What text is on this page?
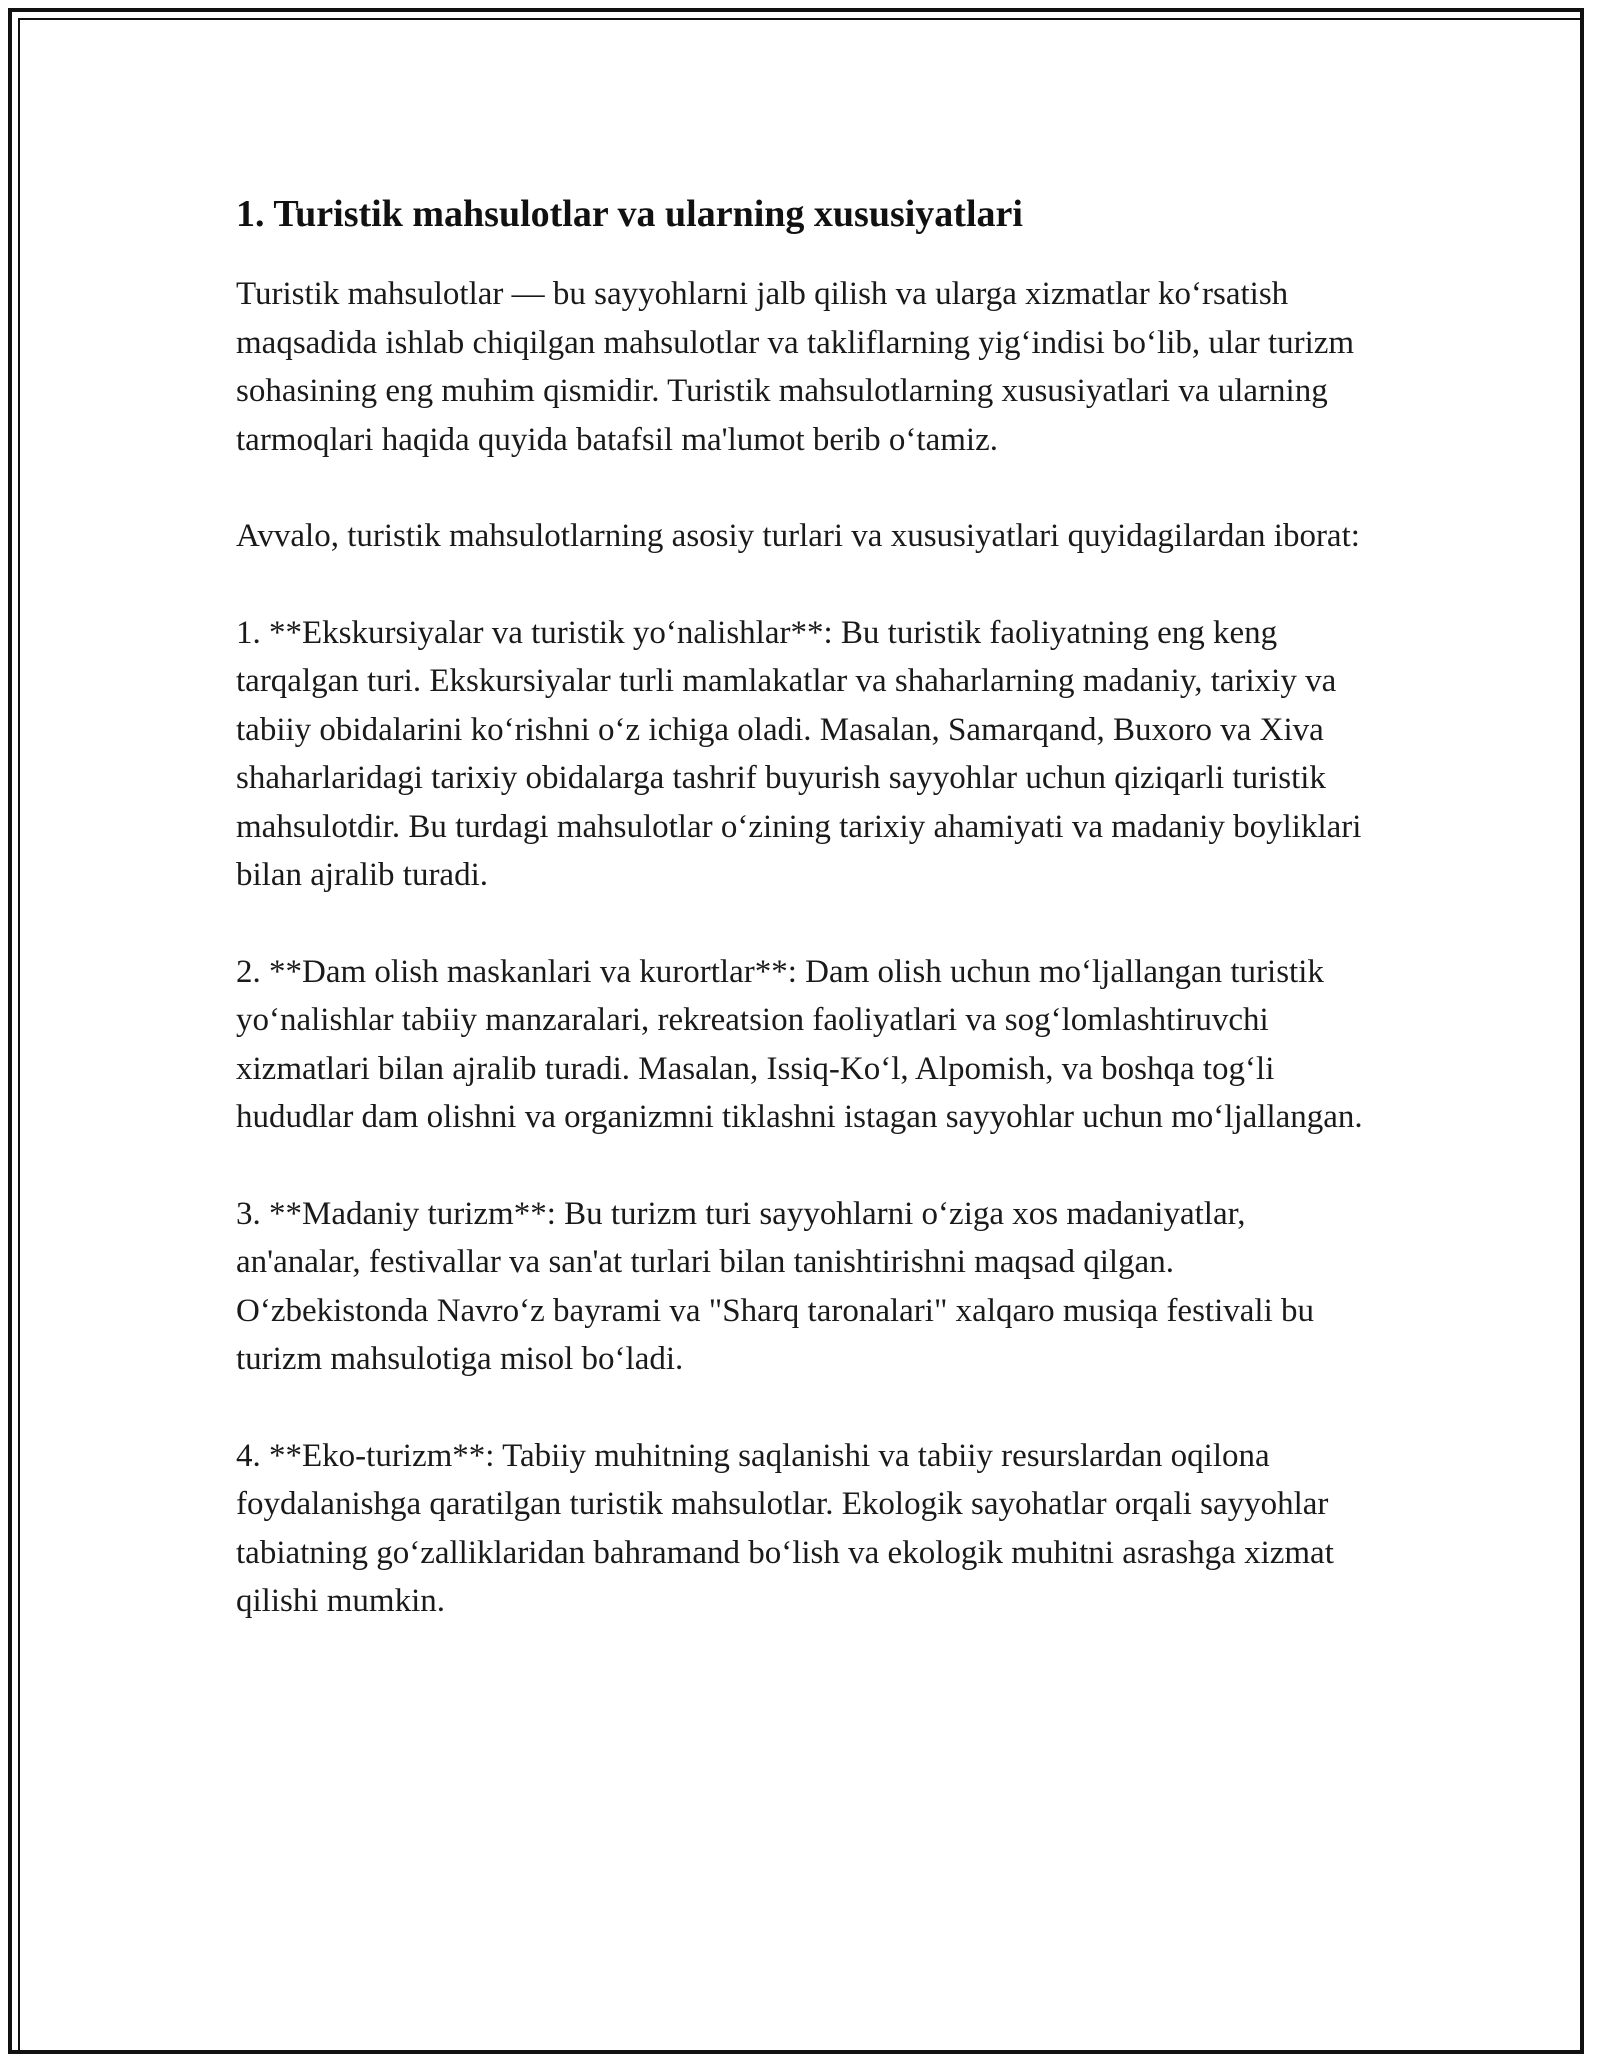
1. Turistik mahsulotlar va ularning xususiyatlari

Turistik mahsulotlar — bu sayyohlarni jalb qilish va ularga xizmatlar ko‘rsatish maqsadida ishlab chiqilgan mahsulotlar va takliflarning yig‘indisi bo‘lib, ular turizm sohasining eng muhim qismidir. Turistik mahsulotlarning xususiyatlari va ularning tarmoqlari haqida quyida batafsil ma'lumot berib o‘tamiz.

Avvalo, turistik mahsulotlarning asosiy turlari va xususiyatlari quyidagilardan iborat:

1. **Ekskursiyalar va turistik yo‘nalishlar**: Bu turistik faoliyatning eng keng tarqalgan turi. Ekskursiyalar turli mamlakatlar va shaharlarning madaniy, tarixiy va tabiiy obidalarini ko‘rishni o‘z ichiga oladi. Masalan, Samarqand, Buxoro va Xiva shaharlaridagi tarixiy obidalarga tashrif buyurish sayyohlar uchun qiziqarli turistik mahsulotdir. Bu turdagi mahsulotlar o‘zining tarixiy ahamiyati va madaniy boyliklari bilan ajralib turadi.

2. **Dam olish maskanlari va kurortlar**: Dam olish uchun mo‘ljallangan turistik yo‘nalishlar tabiiy manzaralari, rekreatsion faoliyatlari va sog‘lomlashtiruvchi xizmatlari bilan ajralib turadi. Masalan, Issiq-Ko‘l, Alpomish, va boshqa tog‘li hududlar dam olishni va organizmni tiklashni istagan sayyohlar uchun mo‘ljallangan.

3. **Madaniy turizm**: Bu turizm turi sayyohlarni o‘ziga xos madaniyatlar, an'analar, festivallar va san'at turlari bilan tanishtirishni maqsad qilgan. O‘zbekistonda Navro‘z bayrami va "Sharq taronalari" xalqaro musiqa festivali bu turizm mahsulotiga misol bo‘ladi.

4. **Eko-turizm**: Tabiiy muhitning saqlanishi va tabiiy resurslardan oqilona foydalanishga qaratilgan turistik mahsulotlar. Ekologik sayohatlar orqali sayyohlar tabiatning go‘zalliklaridan bahramand bo‘lish va ekologik muhitni asrashga xizmat qilishi mumkin.
